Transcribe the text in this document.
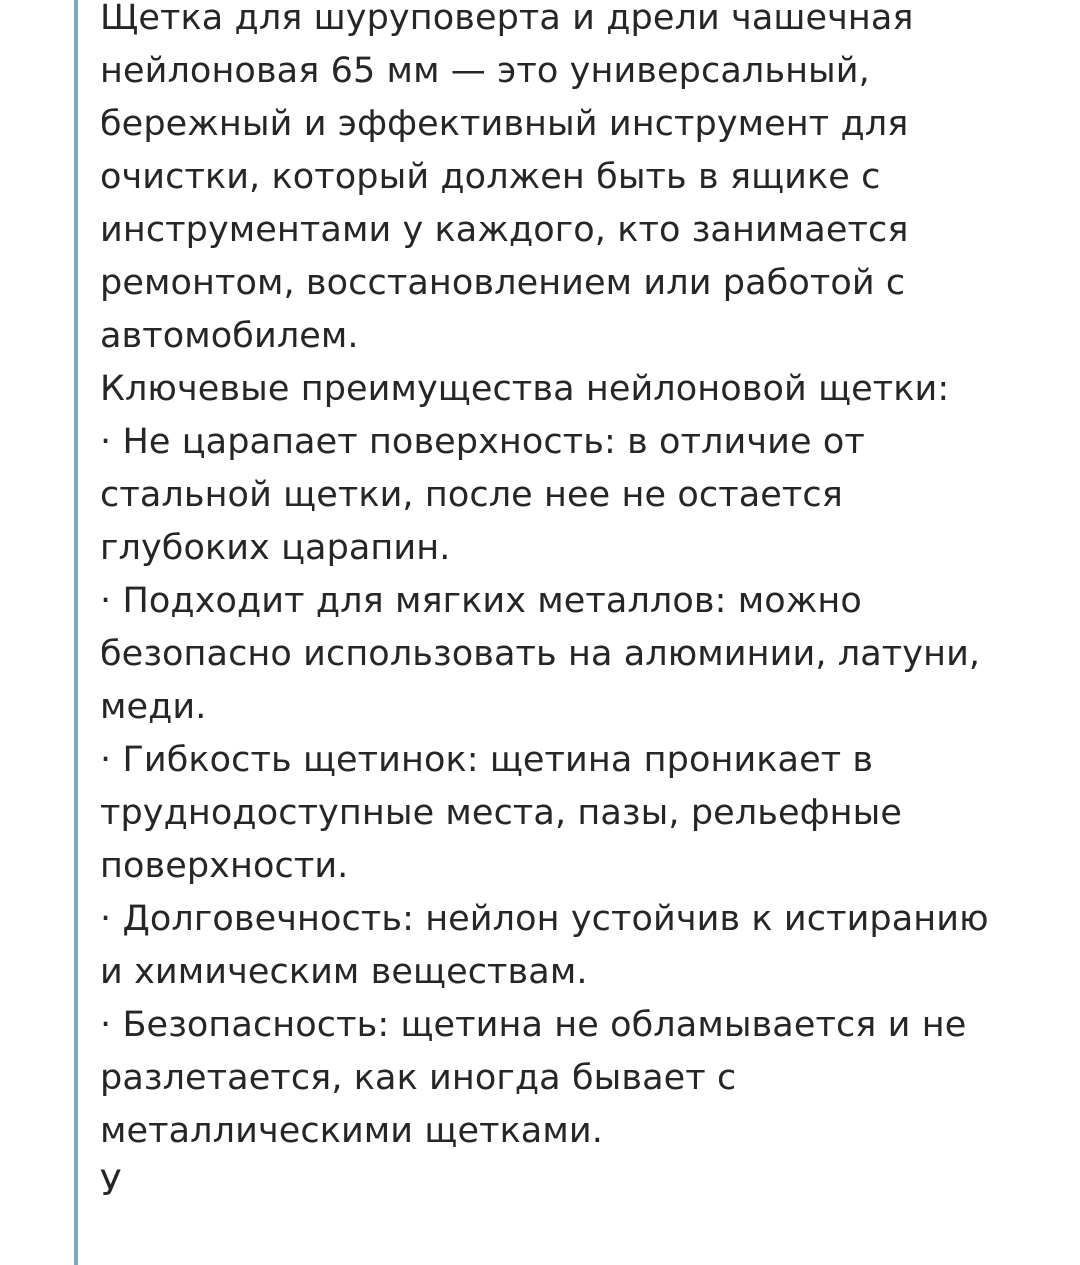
Щетка для шуруповерта и дрели чашечная нейлоновая 65 мм — это универсальный, бережный и эффективный инструмент для очистки, который должен быть в ящике с инструментами у каждого, кто занимается ремонтом, восстановлением или работой с автомобилем.

Ключевые преимущества нейлоновой щетки:

· Не царапает поверхность: в отличие от стальной щетки, после нее не остается глубоких царапин.

· Подходит для мягких металлов: можно безопасно использовать на алюминии, латуни, меди.

· Гибкость щетинок: щетина проникает в труднодоступные места, пазы, рельефные поверхности.

· Долговечность: нейлон устойчив к истиранию и химическим веществам.

· Безопасность: щетина не обламывается и не разлетается, как иногда бывает с металлическими щетками.

У
